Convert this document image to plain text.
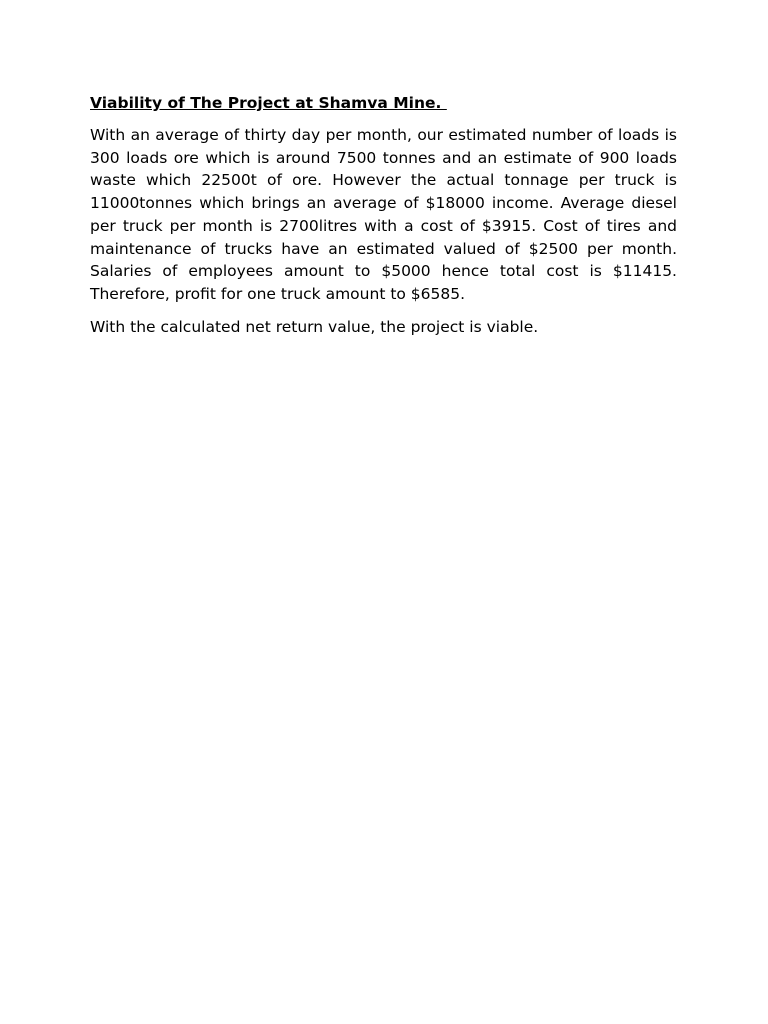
Viability of The Project at Shamva Mine.

With an average of thirty day per month, our estimated number of loads is 300 loads ore which is around 7500 tonnes and an estimate of 900 loads waste which 22500t of ore. However the actual tonnage per truck is 11000tonnes which brings an average of $18000 income. Average diesel per truck per month is 2700litres with a cost of $3915. Cost of tires and maintenance of trucks have an estimated valued of $2500 per month. Salaries of employees amount to $5000 hence total cost is $11415. Therefore, profit for one truck amount to $6585.

With the calculated net return value, the project is viable.
